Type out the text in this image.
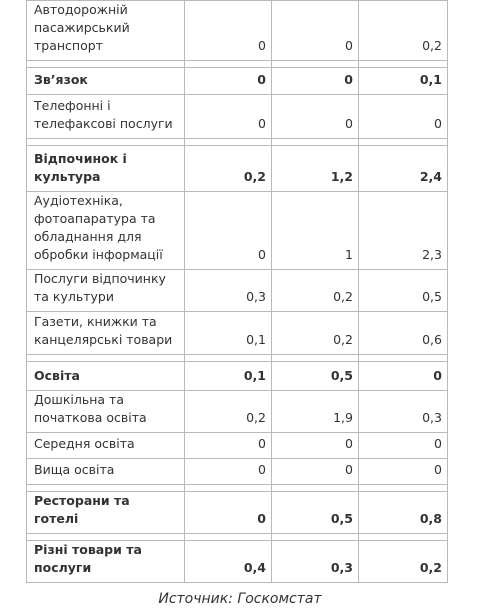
Автодорожній пасажирський транспорт	0	0	0,2

Зв’язок	0	0	0,1
Телефонні і телефаксові послуги	0	0	0

Відпочинок і культура	0,2	1,2	2,4
Аудіотехніка, фотоапаратура та обладнання для обробки інформації	0	1	2,3
Послуги відпочинку та культури	0,3	0,2	0,5
Газети, книжки та канцелярські товари	0,1	0,2	0,6

Освіта	0,1	0,5	0
Дошкільна та початкова освіта	0,2	1,9	0,3
Середня освіта	0	0	0
Вища освіта	0	0	0

Ресторани та готелі	0	0,5	0,8

Різні товари та послуги	0,4	0,3	0,2
Источник: Госкомстат
